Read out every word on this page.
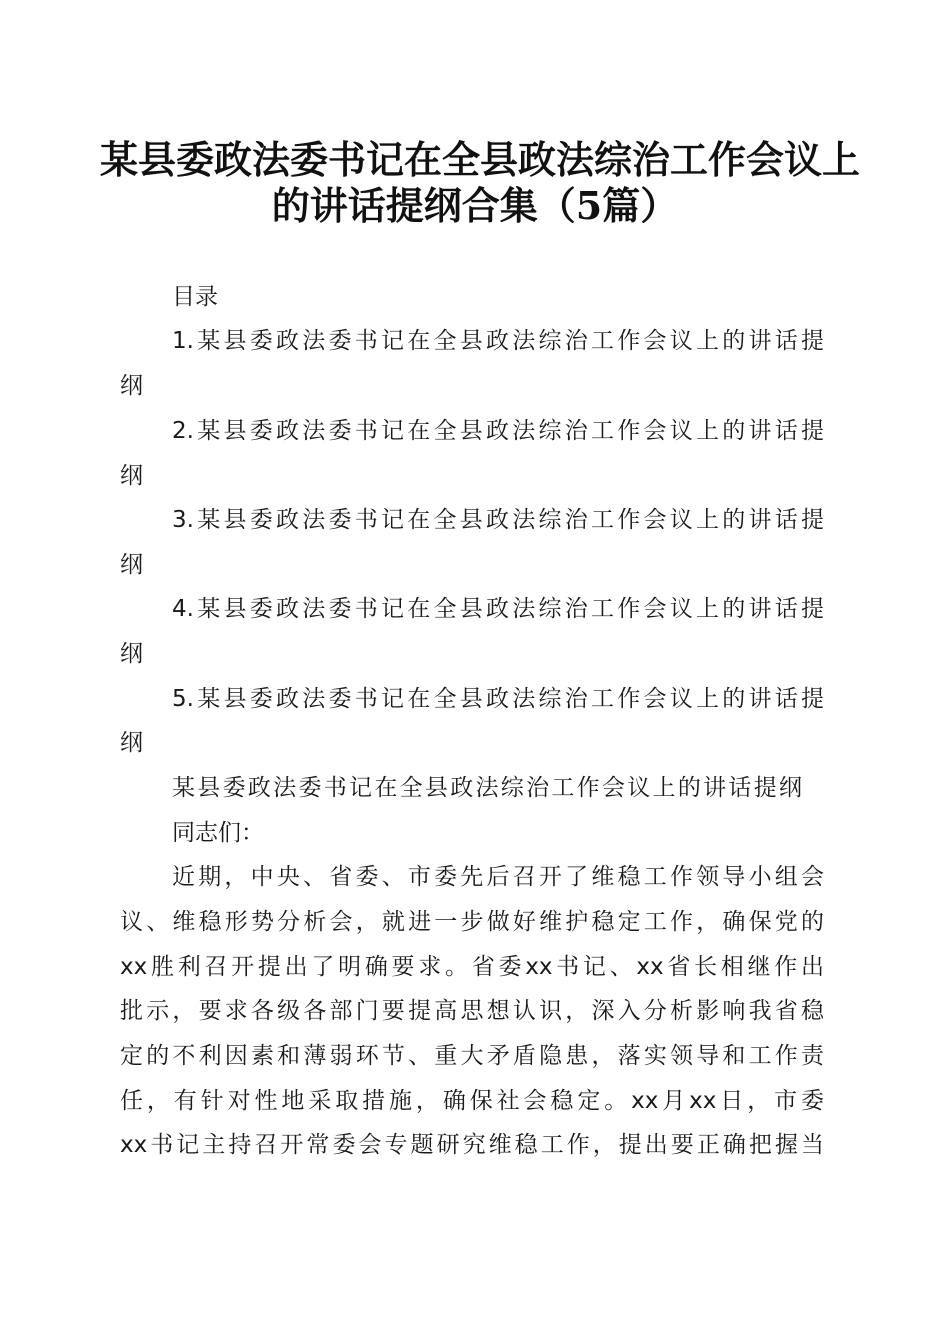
某县委政法委书记在全县政法综治工作会议上
的讲话提纲合集（5篇）
目录
1.某县委政法委书记在全县政法综治工作会议上的讲话提
纲
2.某县委政法委书记在全县政法综治工作会议上的讲话提
纲
3.某县委政法委书记在全县政法综治工作会议上的讲话提
纲
4.某县委政法委书记在全县政法综治工作会议上的讲话提
纲
5.某县委政法委书记在全县政法综治工作会议上的讲话提
纲
某县委政法委书记在全县政法综治工作会议上的讲话提纲
同志们：
近期，中央、省委、市委先后召开了维稳工作领导小组会
议、维稳形势分析会，就进一步做好维护稳定工作，确保党的
xx胜利召开提出了明确要求。省委xx书记、xx省长相继作出
批示，要求各级各部门要提高思想认识，深入分析影响我省稳
定的不利因素和薄弱环节、重大矛盾隐患，落实领导和工作责
任，有针对性地采取措施，确保社会稳定。xx月xx日，市委
xx书记主持召开常委会专题研究维稳工作，提出要正确把握当
